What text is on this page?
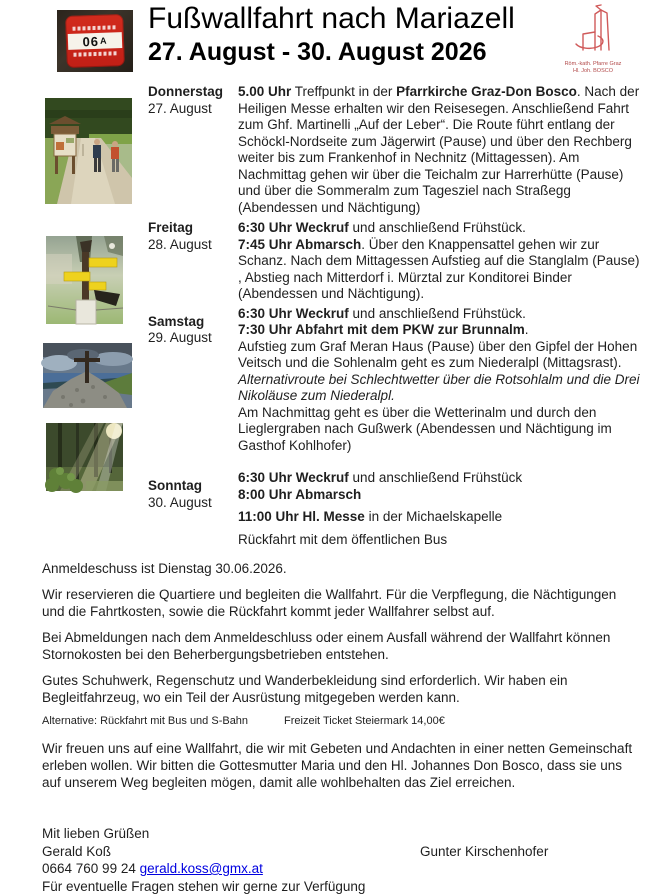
06 A
Fußwallfahrt nach Mariazell
27. August - 30. August 2026	Röm.-kath. Pfarre Graz
Hl. Joh. BOSCO
Donnerstag
27. August

5.00 Uhr Treffpunkt in der Pfarrkirche Graz-Don Bosco. Nach der Heiligen Messe erhalten wir den Reisesegen. Anschließend Fahrt zum Ghf. Martinelli „Auf der Leber“. Die Route führt entlang der Schöckl-Nordseite zum Jägerwirt (Pause) und über den Rechberg weiter bis zum Frankenhof in Nechnitz (Mittagessen). Am Nachmittag gehen wir über die Teichalm zur Harrerhütte (Pause) und über die Sommeralm zum Tagesziel nach Straßegg (Abendessen und Nächtigung)

Freitag
28. August

6:30 Uhr Weckruf und anschließend Frühstück.

7:45 Uhr Abmarsch. Über den Knappensattel gehen wir zur Schanz. Nach dem Mittagessen Aufstieg auf die Stanglalm (Pause) , Abstieg nach Mitterdorf i. Mürztal zur Konditorei Binder (Abendessen und Nächtigung).

Samstag
29. August

6:30 Uhr Weckruf und anschließend Frühstück.

7:30 Uhr Abfahrt mit dem PKW zur Brunnalm.

Aufstieg zum Graf Meran Haus (Pause) über den Gipfel der Hohen Veitsch und die Sohlenalm geht es zum Niederalpl (Mittagsrast).

Alternativroute bei Schlechtwetter über die Rotsohlalm und die Drei Nikoläuse zum Niederalpl.

Am Nachmittag geht es über die Wetterinalm und durch den Lieglergraben nach Gußwerk (Abendessen und Nächtigung im Gasthof Kohlhofer)

Sonntag
30. August

6:30 Uhr Weckruf und anschließend Frühstück

8:00 Uhr Abmarsch

11:00 Uhr Hl. Messe in der Michaelskapelle

Rückfahrt mit dem öffentlichen Bus

Anmeldeschuss ist Dienstag 30.06.2026.

Wir reservieren die Quartiere und begleiten die Wallfahrt. Für die Verpflegung, die Nächtigungen und die Fahrtkosten, sowie die Rückfahrt kommt jeder Wallfahrer selbst auf.

Bei Abmeldungen nach dem Anmeldeschluss oder einem Ausfall während der Wallfahrt können Stornokosten bei den Beherbergungsbetrieben entstehen.

Gutes Schuhwerk, Regenschutz und Wanderbekleidung sind erforderlich. Wir haben ein Begleitfahrzeug, wo ein Teil der Ausrüstung mitgegeben werden kann.

Alternative: Rückfahrt mit Bus und S-Bahn	Freizeit Ticket Steiermark 14,00€

Wir freuen uns auf eine Wallfahrt, die wir mit Gebeten und Andachten in einer netten Gemeinschaft erleben wollen. Wir bitten die Gottesmutter Maria und den Hl. Johannes Don Bosco, dass sie uns auf unserem Weg begleiten mögen, damit alle wohlbehalten das Ziel erreichen.

Mit lieben Grüßen
Gerald Koß	Gunter Kirschenhofer
0664 760 99 24 gerald.koss@gmx.at
Für eventuelle Fragen stehen wir gerne zur Verfügung
